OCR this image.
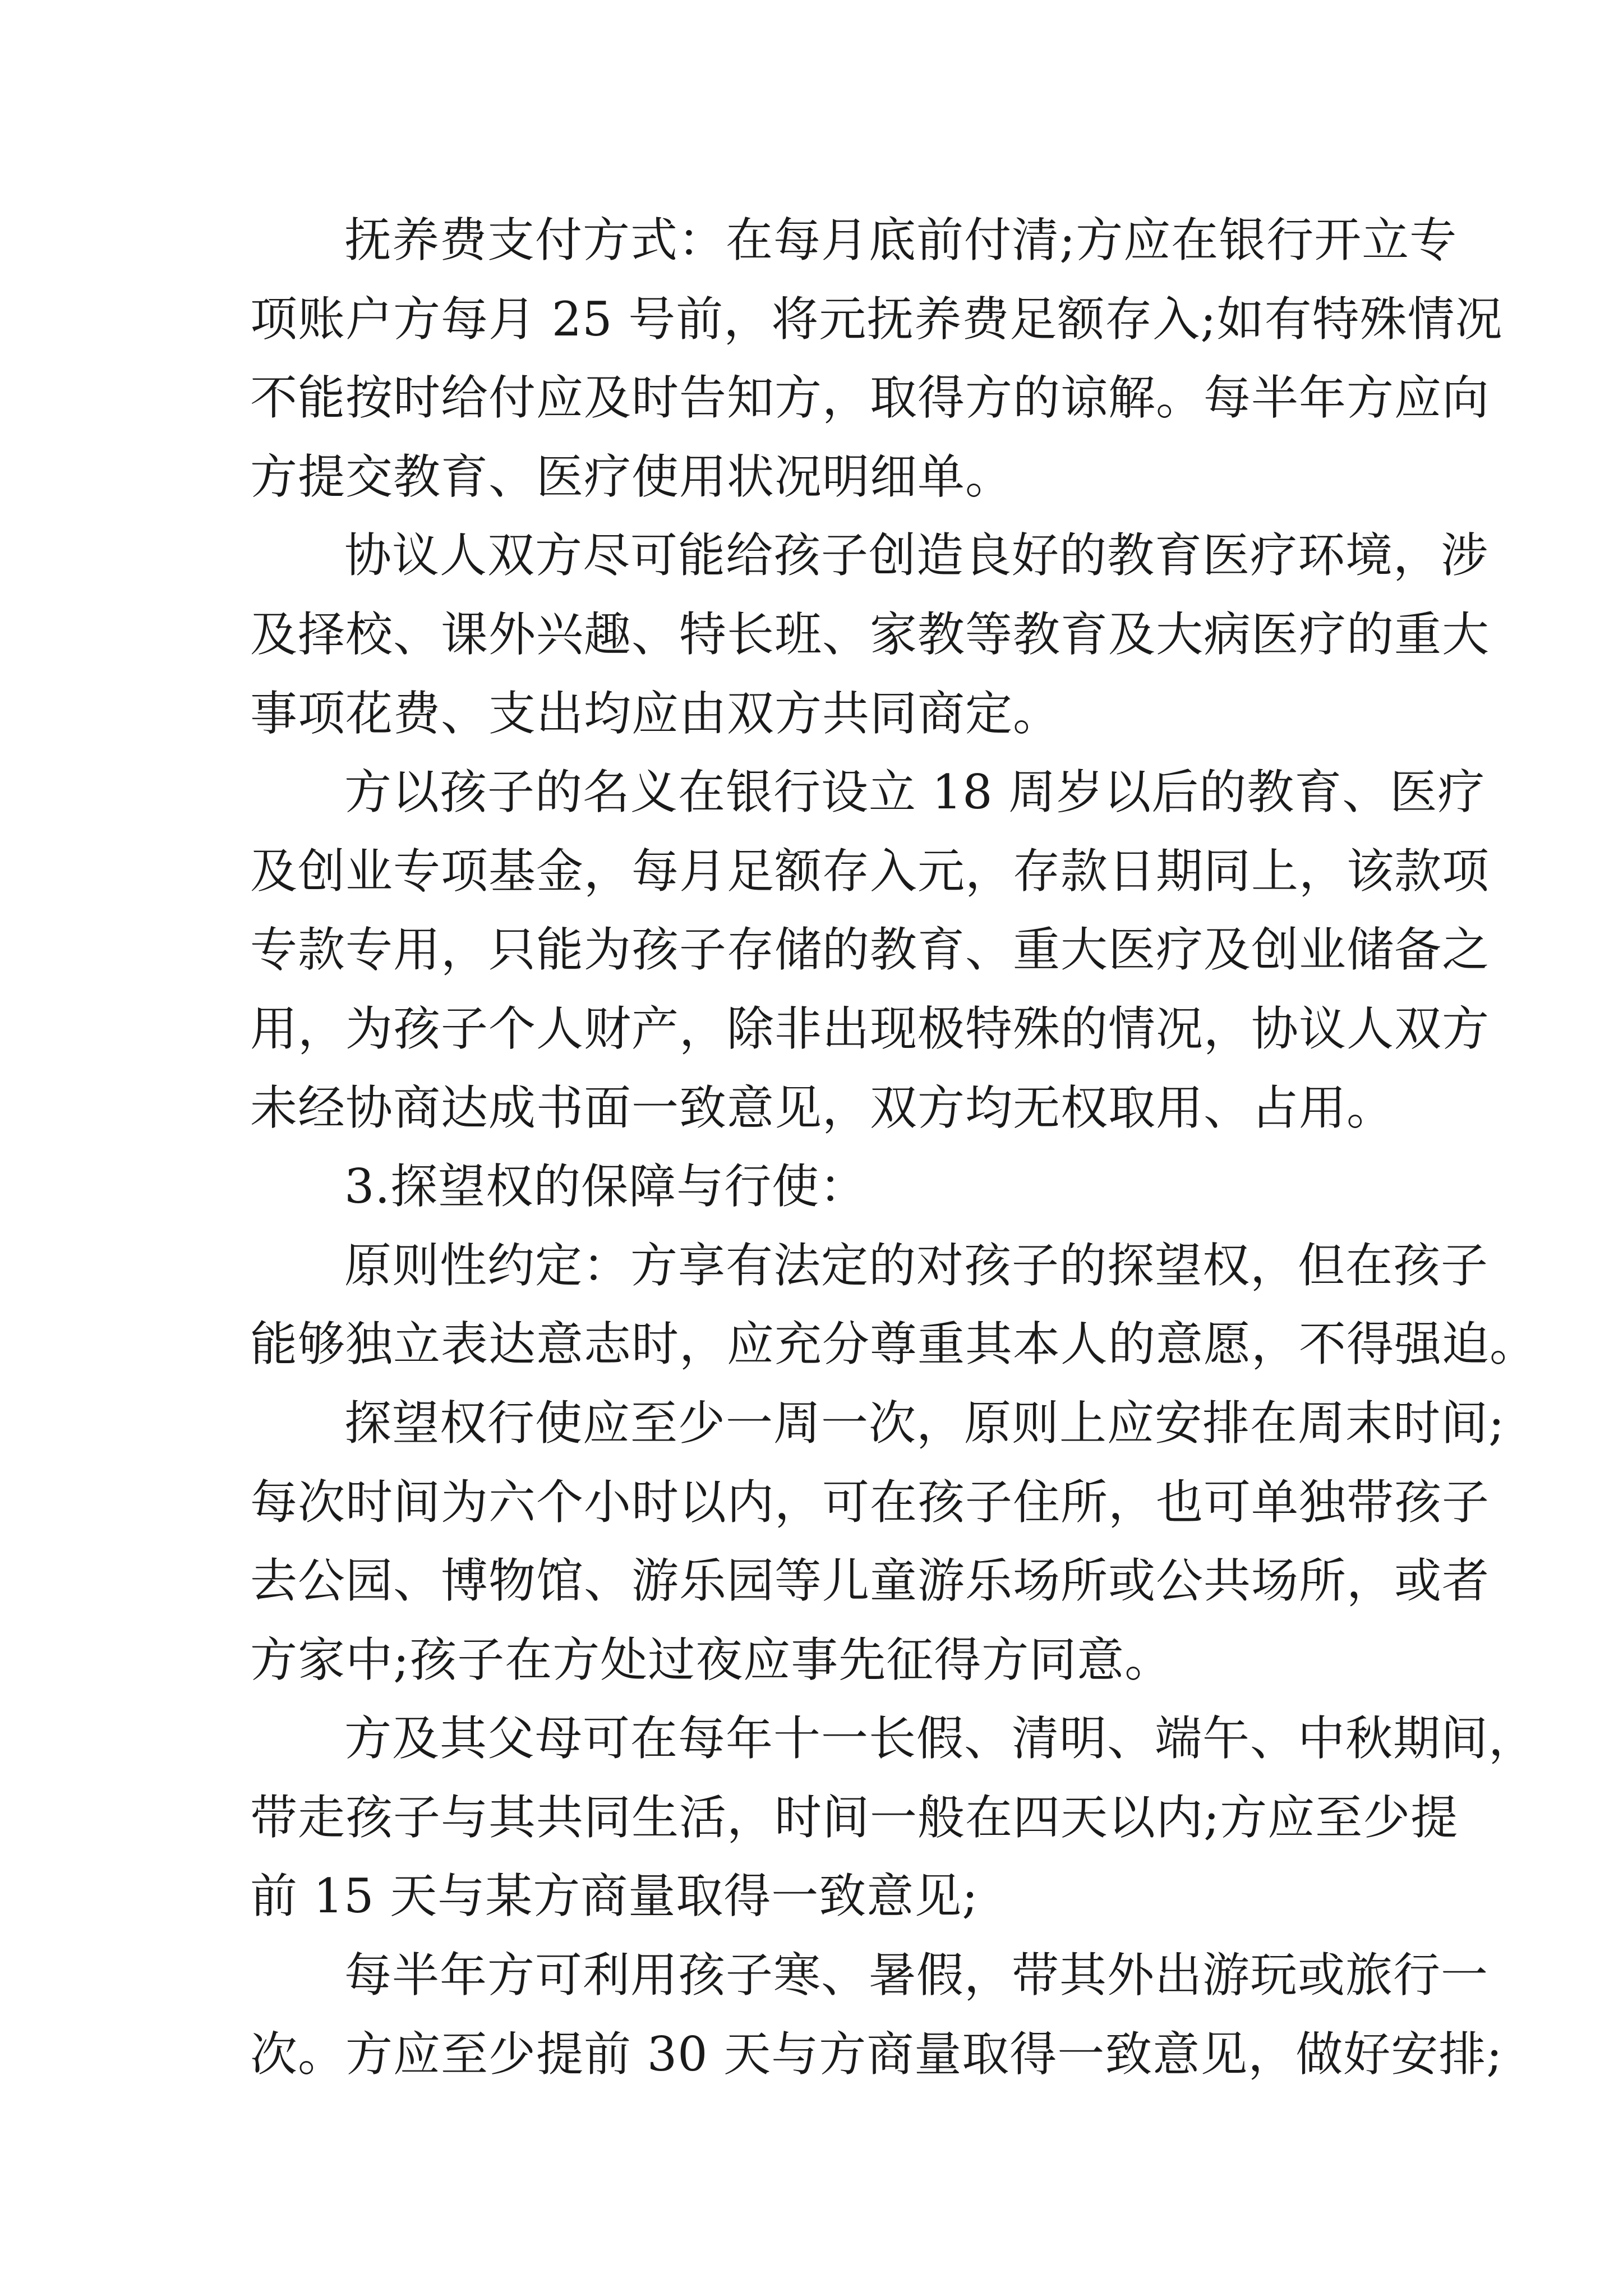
抚养费支付方式：在每月底前付清;方应在银行开立专
项账户方每月 25 号前，将元抚养费足额存入;如有特殊情况
不能按时给付应及时告知方，取得方的谅解。每半年方应向
方提交教育、医疗使用状况明细单。
协议人双方尽可能给孩子创造良好的教育医疗环境，涉
及择校、课外兴趣、特长班、家教等教育及大病医疗的重大
事项花费、支出均应由双方共同商定。
方以孩子的名义在银行设立 18 周岁以后的教育、医疗
及创业专项基金，每月足额存入元，存款日期同上，该款项
专款专用，只能为孩子存储的教育、重大医疗及创业储备之
用，为孩子个人财产，除非出现极特殊的情况，协议人双方
未经协商达成书面一致意见，双方均无权取用、占用。
3.探望权的保障与行使：
原则性约定：方享有法定的对孩子的探望权，但在孩子
能够独立表达意志时，应充分尊重其本人的意愿，不得强迫。
探望权行使应至少一周一次，原则上应安排在周末时间;
每次时间为六个小时以内，可在孩子住所，也可单独带孩子
去公园、博物馆、游乐园等儿童游乐场所或公共场所，或者
方家中;孩子在方处过夜应事先征得方同意。
方及其父母可在每年十一长假、清明、端午、中秋期间，
带走孩子与其共同生活，时间一般在四天以内;方应至少提
前 15 天与某方商量取得一致意见;
每半年方可利用孩子寒、暑假，带其外出游玩或旅行一
次。方应至少提前 30 天与方商量取得一致意见，做好安排;
